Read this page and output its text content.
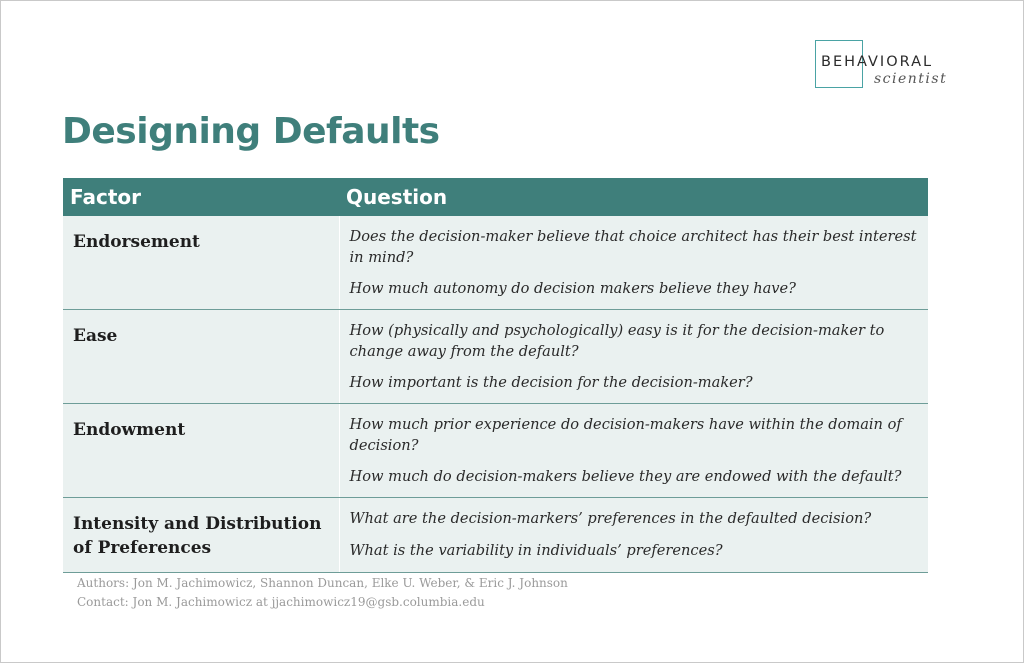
BEHAVIORAL
scientist
Designing Defaults
Factor	Question
Endorsement	Does the decision-maker believe that choice architect has their best interest in mind?

How much autonomy do decision makers believe they have?

Ease	How (physically and psychologically) easy is it for the decision-maker to change away from the default?

How important is the decision for the decision-maker?

Endowment	How much prior experience do decision-makers have within the domain of decision?

How much do decision-makers believe they are endowed with the default?

Intensity and Distribution of Preferences	What are the decision-markers’ preferences in the defaulted decision?

What is the variability in individuals’ preferences?

Authors: Jon M. Jachimowicz, Shannon Duncan, Elke U. Weber, & Eric J. Johnson
Contact: Jon M. Jachimowicz at jjachimowicz19@gsb.columbia.edu
